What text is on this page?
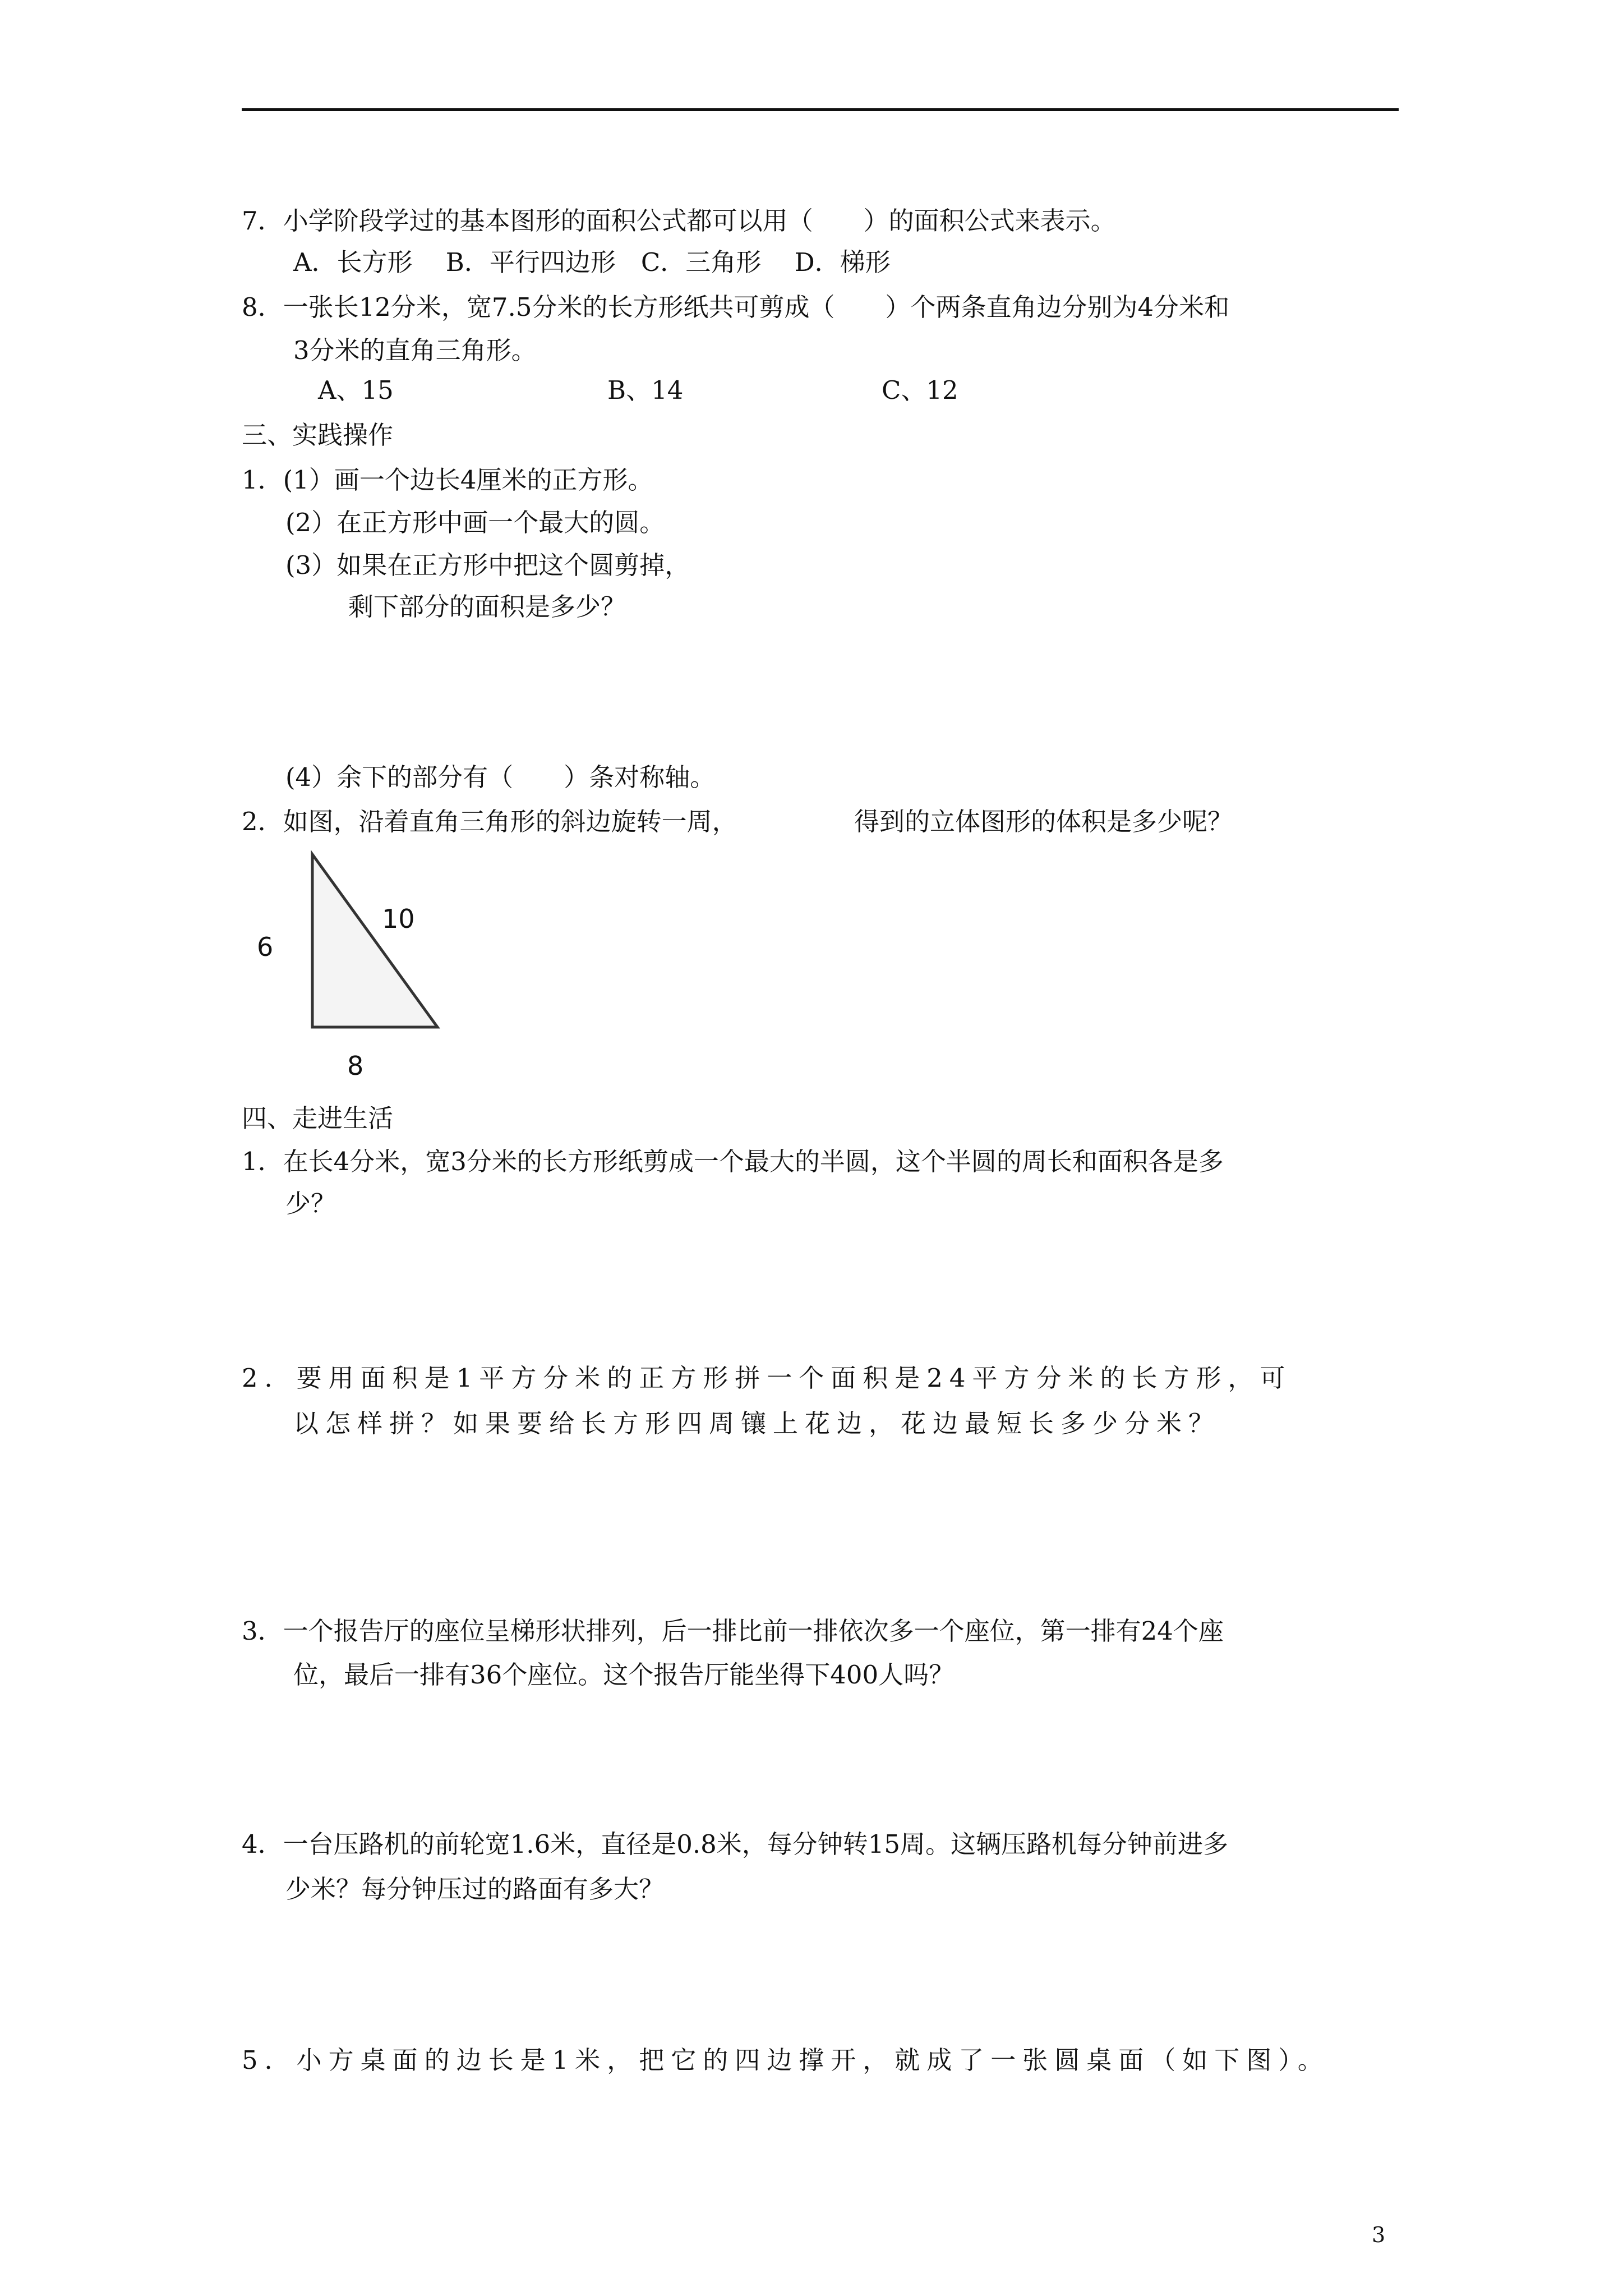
7．小学阶段学过的基本图形的面积公式都可以用（　　）的面积公式来表示。
A．长方形　 B．平行四边形　C．三角形　 D．梯形
8．一张长12分米，宽7.5分米的长方形纸共可剪成（　　）个两条直角边分别为4分米和
3分米的直角三角形。
A、15	B、14	C、12
三、实践操作
1．(1）画一个边长4厘米的正方形。
(2）在正方形中画一个最大的圆。
(3）如果在正方形中把这个圆剪掉，
剩下部分的面积是多少？
(4）余下的部分有（　　）条对称轴。
2．如图，沿着直角三角形的斜边旋转一周，	得到的立体图形的体积是多少呢？
6
10
8
四、走进生活
1．在长4分米，宽3分米的长方形纸剪成一个最大的半圆，这个半圆的周长和面积各是多
少？
2．要用面积是1平方分米的正方形拼一个面积是24平方分米的长方形，可
以怎样拼？如果要给长方形四周镶上花边，花边最短长多少分米？
3．一个报告厅的座位呈梯形状排列，后一排比前一排依次多一个座位，第一排有24个座
位，最后一排有36个座位。这个报告厅能坐得下400人吗？
4．一台压路机的前轮宽1.6米，直径是0.8米，每分钟转15周。这辆压路机每分钟前进多
少米？每分钟压过的路面有多大？
5．小方桌面的边长是1米，把它的四边撑开，就成了一张圆桌面（如下图）。
3
